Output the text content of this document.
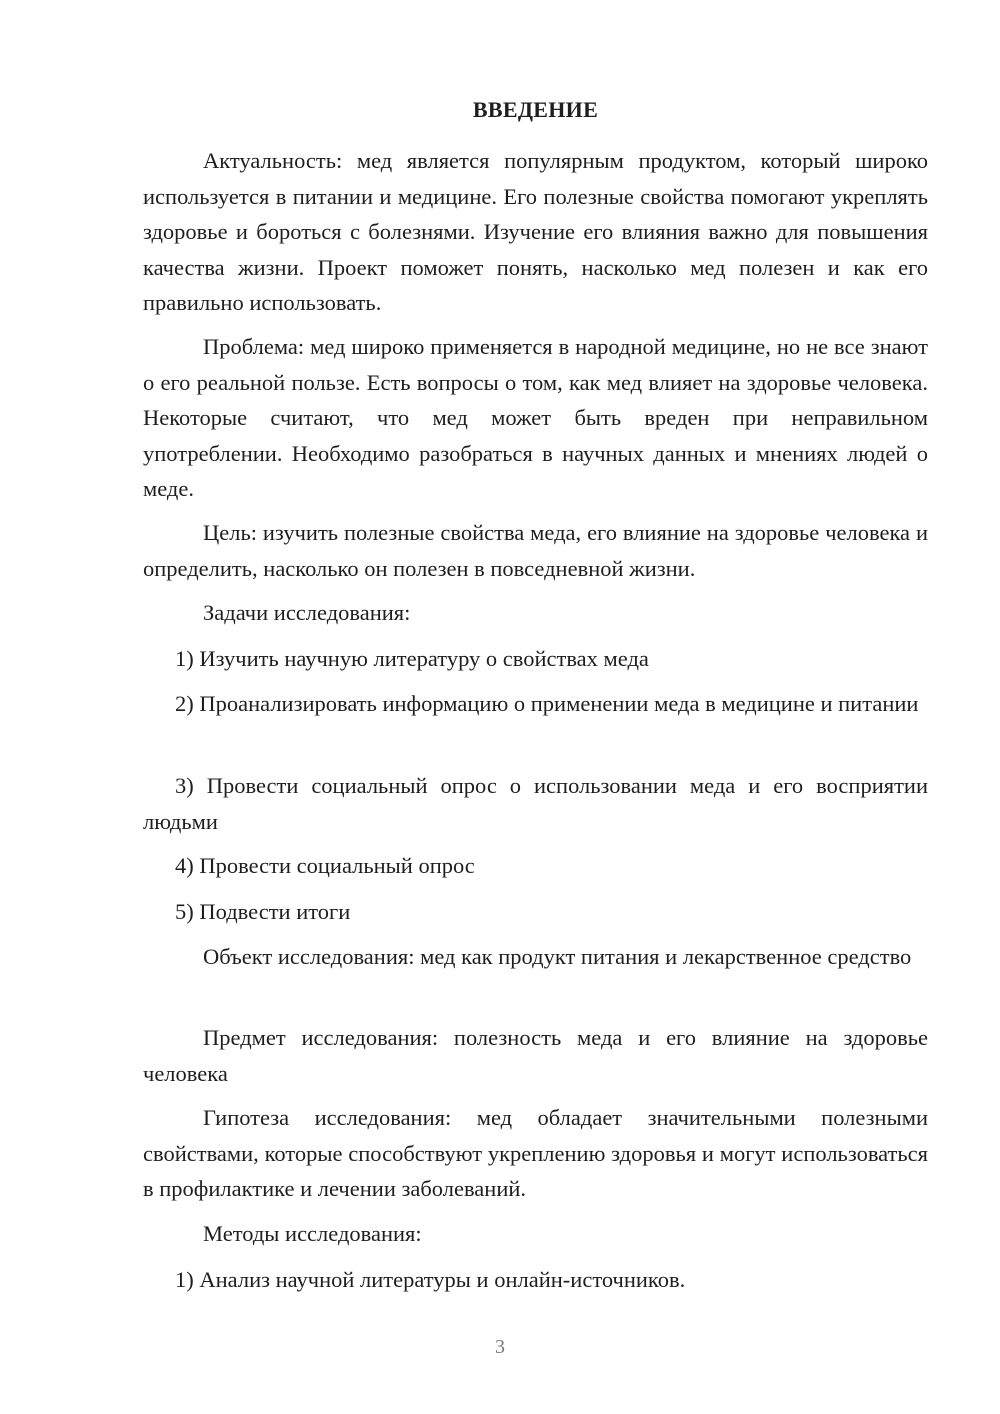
ВВЕДЕНИЕ

Актуальность: мед является популярным продуктом, который широко используется в питании и медицине. Его полезные свойства помогают укреплять здоровье и бороться с болезнями. Изучение его влияния важно для повышения качества жизни. Проект поможет понять, насколько мед полезен и как его правильно использовать.

Проблема: мед широко применяется в народной медицине, но не все знают о его реальной пользе. Есть вопросы о том, как мед влияет на здоровье человека. Некоторые считают, что мед может быть вреден при неправильном употреблении. Необходимо разобраться в научных данных и мнениях людей о меде.

Цель: изучить полезные свойства меда, его влияние на здоровье человека и определить, насколько он полезен в повседневной жизни.

Задачи исследования:

1) Изучить научную литературу о свойствах меда

2) Проанализировать информацию о применении меда в медицине и питании

3) Провести социальный опрос о использовании меда и его восприятии людьми

4) Провести социальный опрос

5) Подвести итоги

Объект исследования: мед как продукт питания и лекарственное средство

Предмет исследования: полезность меда и его влияние на здоровье человека

Гипотеза исследования: мед обладает значительными полезными свойствами, которые способствуют укреплению здоровья и могут использоваться в профилактике и лечении заболеваний.

Методы исследования:

1) Анализ научной литературы и онлайн-источников.

3
